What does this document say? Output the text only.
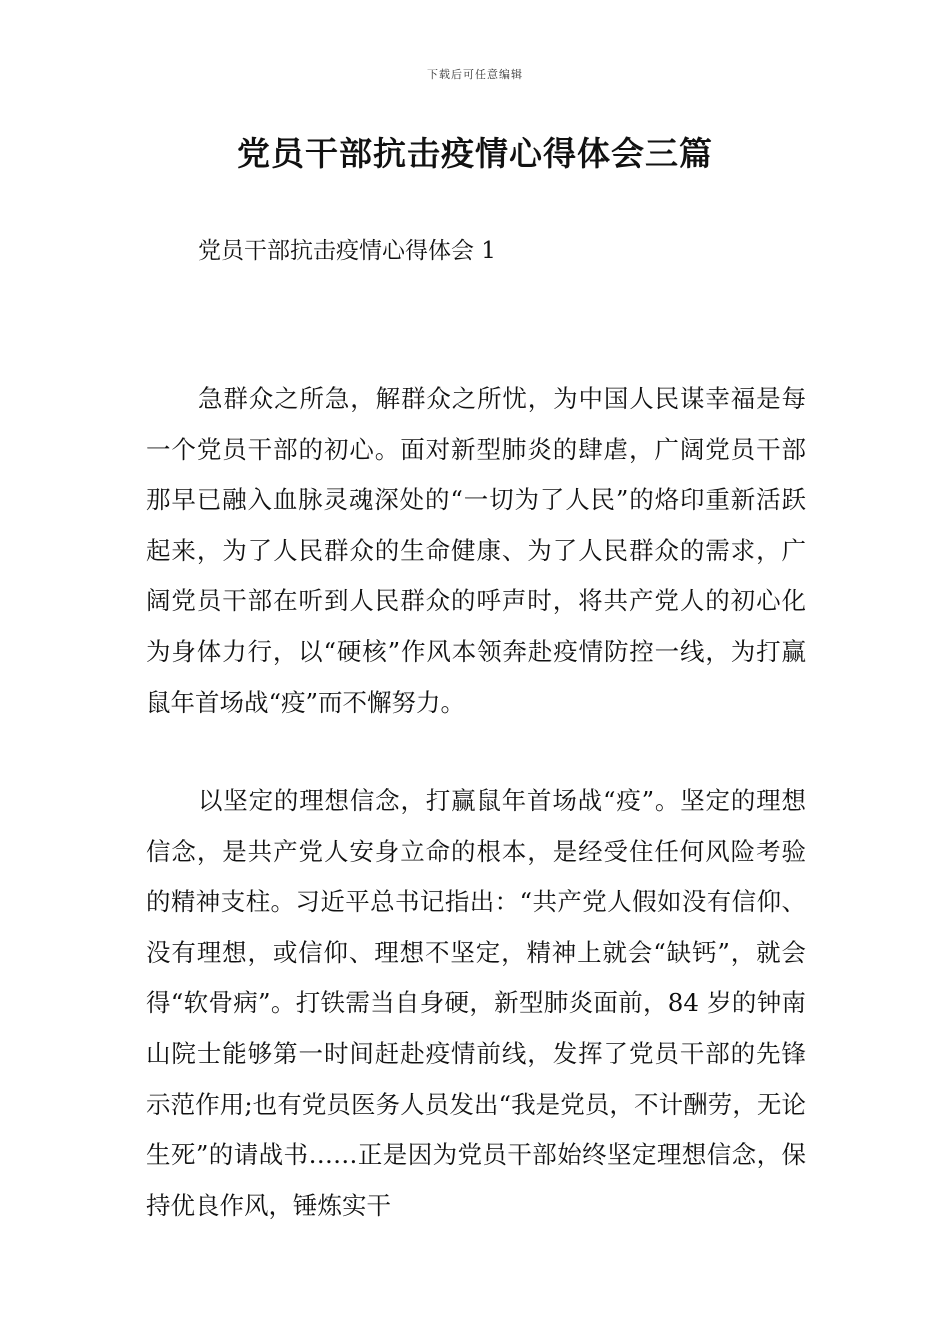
下载后可任意编辑
党员干部抗击疫情心得体会三篇
党员干部抗击疫情心得体会 1

急群众之所急，解群众之所忧，为中国人民谋幸福是每一个党员干部的初心。面对新型肺炎的肆虐，广阔党员干部那早已融入血脉灵魂深处的“一切为了人民”的烙印重新活跃起来，为了人民群众的生命健康、为了人民群众的需求，广阔党员干部在听到人民群众的呼声时，将共产党人的初心化为身体力行，以“硬核”作风本领奔赴疫情防控一线，为打赢鼠年首场战“疫”而不懈努力。

以坚定的理想信念，打赢鼠年首场战“疫”。坚定的理想信念，是共产党人安身立命的根本，是经受住任何风险考验的精神支柱。习近平总书记指出：“共产党人假如没有信仰、没有理想，或信仰、理想不坚定，精神上就会“缺钙”，就会得“软骨病”。打铁需当自身硬，新型肺炎面前，84 岁的钟南山院士能够第一时间赶赴疫情前线，发挥了党员干部的先锋示范作用;也有党员医务人员发出“我是党员，不计酬劳，无论生死”的请战书……正是因为党员干部始终坚定理想信念，保持优良作风，锤炼实干
